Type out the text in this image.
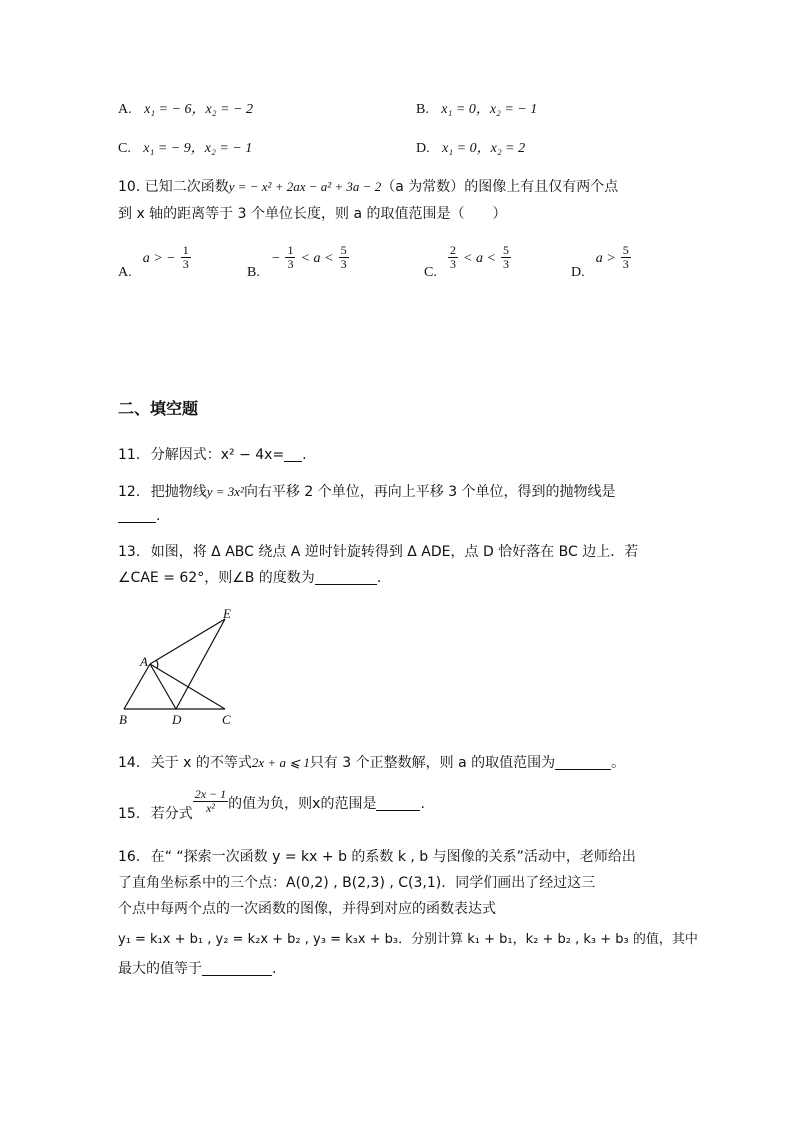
A. x₁ = − 6，x₂ = − 2	B. x₁ = 0，x₂ = − 1
C. x₁ = − 9，x₂ = − 1	D. x₁ = 0，x₂ = 2
10. 已知二次函数y = − x² + 2ax − a² + 3a − 2（a 为常数）的图像上有且仅有两个点
到 x 轴的距离等于 3 个单位长度，则 a 的取值范围是（　　）
A. a > − $\frac{1}{3}$
B. − $\frac{1}{3} < a < \frac{5}{3}$
C.
$\frac{2}{3} < a < \frac{5}{3}$
D. $a > \frac{5}{3}$
二、填空题
11. 分解因式：x² − 4x= .
12. 把抛物线y = 3x²向右平移 2 个单位，再向上平移 3 个单位，得到的抛物线是
.
13. 如图，将 Δ ABC 绕点 A 逆时针旋转得到 Δ ADE，点 D 恰好落在 BC 边上．若
∠CAE = 62°，则∠B 的度数为	.
A
B	C
D
E
14. 关于 x 的不等式2x + a ⩽ 1只有 3 个正整数解，则 a 的取值范围为	。
15. 若分式 $\frac{2x - 1}{\text{x²}}$ 的值为负，则x的范围是	.
16. 在“ “探索一次函数 y = kx + b 的系数 k , b 与图像的关系”活动中，老师给出
了直角坐标系中的三个点：A(0,2) , B(2,3) , C(3,1)．同学们画出了经过这三
个点中每两个点的一次函数的图像，并得到对应的函数表达式
y₁ = k₁x + b₁ , y₂ = k₂x + b₂ , y₃ = k₃x + b₃．分别计算 k₁ + b₁，k₂ + b₂ , k₃ + b₃ 的值，其中
最大的值等于	.
